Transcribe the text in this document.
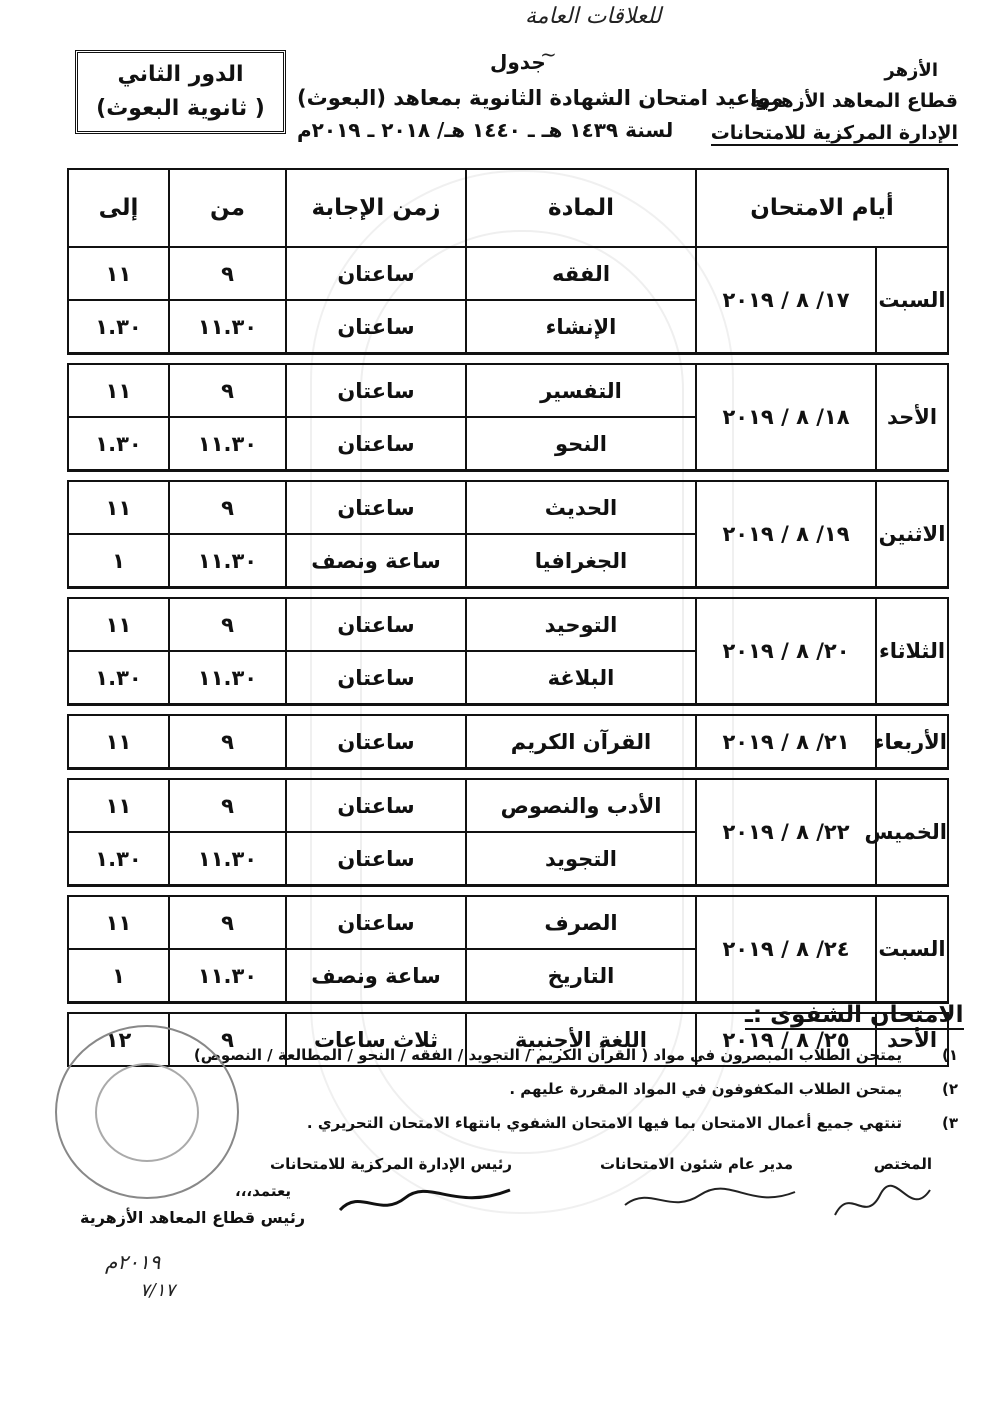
للعلاقات العامة
~
الأزهر
قطاع المعاهد الأزهرية
الإدارة المركزية للامتحانات
جدول
مواعيد امتحان الشهادة الثانوية بمعاهد (البعوث)
لسنة ١٤٣٩ هـ ـ ١٤٤٠ هـ/ ٢٠١٨ ـ ٢٠١٩م
الدور الثاني
( ثانوية البعوث)
أيام الامتحان		المادة	زمن الإجابة	من	إلى
السبت	١٧/ ٨ / ٢٠١٩	الفقه	ساعتان	٩	١١
		الإنشاء	ساعتان	١١.٣٠	١.٣٠

الأحد	١٨/ ٨ / ٢٠١٩	التفسير	ساعتان	٩	١١
		النحو	ساعتان	١١.٣٠	١.٣٠

الاثنين	١٩/ ٨ / ٢٠١٩	الحديث	ساعتان	٩	١١
		الجغرافيا	ساعة ونصف	١١.٣٠	١

الثلاثاء	٢٠/ ٨ / ٢٠١٩	التوحيد	ساعتان	٩	١١
		البلاغة	ساعتان	١١.٣٠	١.٣٠

الأربعاء	٢١/ ٨ / ٢٠١٩	القرآن الكريم	ساعتان	٩	١١

الخميس	٢٢/ ٨ / ٢٠١٩	الأدب والنصوص	ساعتان	٩	١١
		التجويد	ساعتان	١١.٣٠	١.٣٠

السبت	٢٤/ ٨ / ٢٠١٩	الصرف	ساعتان	٩	١١
		التاريخ	ساعة ونصف	١١.٣٠	١

الأحد	٢٥/ ٨ / ٢٠١٩	اللغة الأجنبية	ثلاث ساعات	٩	١٢
الامتحان الشفوى :ـ
١)
يمتحن الطلاب المبصرون في مواد ( القرآن الكريم / التجويد / الفقه / النحو / المطالعة / النصوص)
٢)
يمتحن الطلاب المكفوفون في المواد المقررة عليهم .
٣)
تنتهي جميع أعمال الامتحان بما فيها الامتحان الشفوي بانتهاء الامتحان التحريري .
المختص
مدير عام شئون الامتحانات
رئيس الإدارة المركزية للامتحانات
يعتمد،،،
رئيس قطاع المعاهد الأزهرية
٢٠١٩م
٧/١٧
